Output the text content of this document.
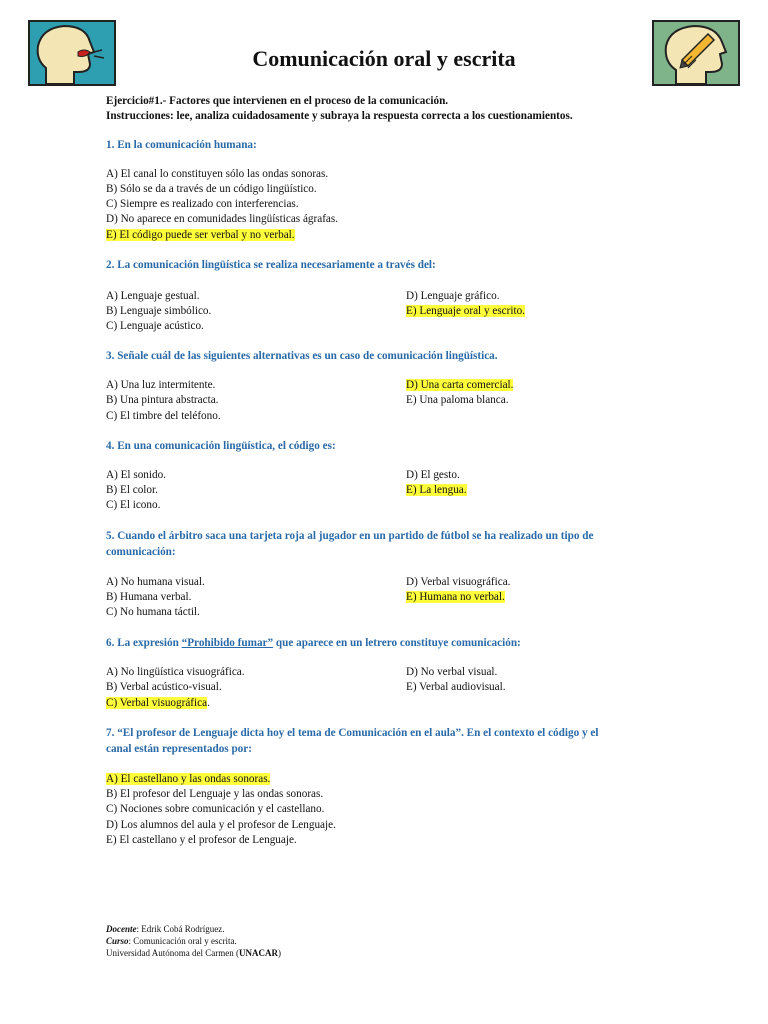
Comunicación oral y escrita
Ejercicio#1.- Factores que intervienen en el proceso de la comunicación.
Instrucciones: lee, analiza cuidadosamente y subraya la respuesta correcta a los cuestionamientos.
1. En la comunicación humana:
A) El canal lo constituyen sólo las ondas sonoras.
B) Sólo se da a través de un código lingüístico.
C) Siempre es realizado con interferencias.
D) No aparece en comunidades lingüísticas ágrafas.
E) El código puede ser verbal y no verbal.
2. La comunicación lingüística se realiza necesariamente a través del:
A) Lenguaje gestual.
B) Lenguaje simbólico.
C) Lenguaje acústico.
D) Lenguaje gráfico.
E) Lenguaje oral y escrito.
3. Señale cuál de las siguientes alternativas es un caso de comunicación lingüística.
A) Una luz intermitente.
B) Una pintura abstracta.
C) El timbre del teléfono.
D) Una carta comercial.
E) Una paloma blanca.
4. En una comunicación lingüística, el código es:
A) El sonido.
B) El color.
C) El icono.
D) El gesto.
E) La lengua.
5. Cuando el árbitro saca una tarjeta roja al jugador en un partido de fútbol se ha realizado un tipo de
comunicación:
A) No humana visual.
B) Humana verbal.
C) No humana táctil.
D) Verbal visuográfica.
E) Humana no verbal.
6. La expresión “Prohibido fumar” que aparece en un letrero constituye comunicación:
A) No lingüística visuográfica.
B) Verbal acústico-visual.
C) Verbal visuográfica.
D) No verbal visual.
E) Verbal audiovisual.
7. “El profesor de Lenguaje dicta hoy el tema de Comunicación en el aula”. En el contexto el código y el
canal están representados por:
A) El castellano y las ondas sonoras.
B) El profesor del Lenguaje y las ondas sonoras.
C) Nociones sobre comunicación y el castellano.
D) Los alumnos del aula y el profesor de Lenguaje.
E) El castellano y el profesor de Lenguaje.
Docente: Edrik Cobá Rodríguez.
Curso: Comunicación oral y escrita.
Universidad Autónoma del Carmen (UNACAR)
